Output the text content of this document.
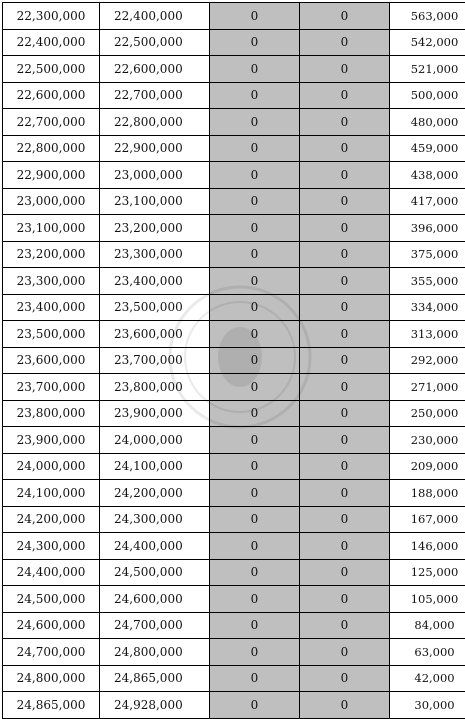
22,300,000	22,400,000	0	0	563,000
22,400,000	22,500,000	0	0	542,000
22,500,000	22,600,000	0	0	521,000
22,600,000	22,700,000	0	0	500,000
22,700,000	22,800,000	0	0	480,000
22,800,000	22,900,000	0	0	459,000
22,900,000	23,000,000	0	0	438,000
23,000,000	23,100,000	0	0	417,000
23,100,000	23,200,000	0	0	396,000
23,200,000	23,300,000	0	0	375,000
23,300,000	23,400,000	0	0	355,000
23,400,000	23,500,000	0	0	334,000
23,500,000	23,600,000	0	0	313,000
23,600,000	23,700,000	0	0	292,000
23,700,000	23,800,000	0	0	271,000
23,800,000	23,900,000	0	0	250,000
23,900,000	24,000,000	0	0	230,000
24,000,000	24,100,000	0	0	209,000
24,100,000	24,200,000	0	0	188,000
24,200,000	24,300,000	0	0	167,000
24,300,000	24,400,000	0	0	146,000
24,400,000	24,500,000	0	0	125,000
24,500,000	24,600,000	0	0	105,000
24,600,000	24,700,000	0	0	84,000
24,700,000	24,800,000	0	0	63,000
24,800,000	24,865,000	0	0	42,000
24,865,000	24,928,000	0	0	30,000
